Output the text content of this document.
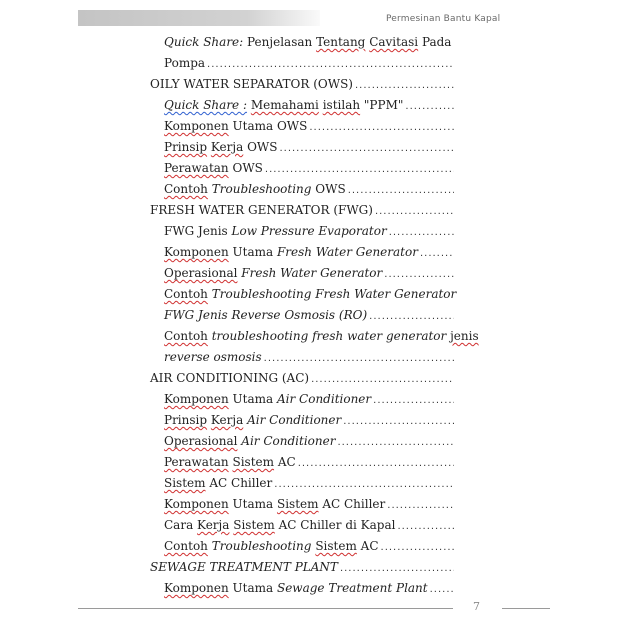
Permesinan Bantu Kapal
Quick Share: Penjelasan Tentang Cavitasi Pada
Pompa
.....
OILY WATER SEPARATOR (OWS)
.....
Quick Share : Memahami istilah "PPM"
.....
Komponen Utama OWS
.....
Prinsip Kerja OWS
.....
Perawatan OWS
.....
Contoh Troubleshooting OWS
.....
FRESH WATER GENERATOR (FWG)
.....
FWG Jenis Low Pressure Evaporator
.....
Komponen Utama Fresh Water Generator
.....
Operasional Fresh Water Generator
.....
Contoh Troubleshooting Fresh Water Generator
FWG Jenis Reverse Osmosis (RO)
.....
Contoh troubleshooting fresh water generator jenis
reverse osmosis
.....
AIR CONDITIONING (AC)
.....
Komponen Utama Air Conditioner
.....
Prinsip Kerja Air Conditioner
.....
Operasional Air Conditioner
.....
Perawatan Sistem AC
.....
Sistem AC Chiller
.....
Komponen Utama Sistem AC Chiller
.....
Cara Kerja Sistem AC Chiller di Kapal
.....
Contoh Troubleshooting Sistem AC
.....
SEWAGE TREATMENT PLANT
.....
Komponen Utama Sewage Treatment Plant
.....
7
